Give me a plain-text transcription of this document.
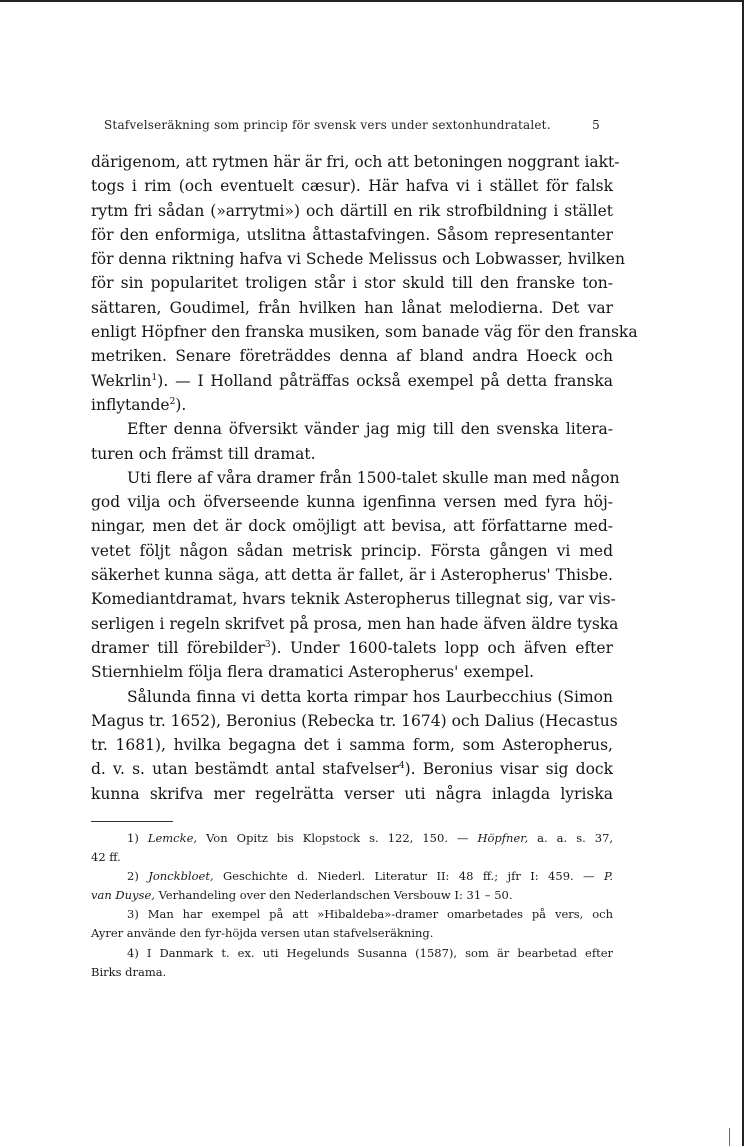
Stafvelseräkning som princip för svensk vers under sextonhundratalet.	5
därigenom, att rytmen här är fri, och att betoningen noggrant iakt-
togs i rim (och eventuelt cæsur). Här hafva vi i stället för falsk
rytm fri sådan (»arrytmi») och därtill en rik strofbildning i stället
för den enformiga, utslitna åttastafvingen. Såsom representanter
för denna riktning hafva vi Schede Melissus och Lobwasser, hvilken
för sin popularitet troligen står i stor skuld till den franske ton-
sättaren, Goudimel, från hvilken han lånat melodierna. Det var
enligt Höpfner den franska musiken, som banade väg för den franska
metriken. Senare företräddes denna af bland andra Hoeck och
Wekrlin$^1$). — I Holland påträffas också exempel på detta franska
inflytande$^2$).
Efter denna öfversikt vänder jag mig till den svenska litera-
turen och främst till dramat.
Uti flere af våra dramer från 1500-talet skulle man med någon
god vilja och öfverseende kunna igenfinna versen med fyra höj-
ningar, men det är dock omöjligt att bevisa, att författarne med-
vetet följt någon sådan metrisk princip. Första gången vi med
säkerhet kunna säga, att detta är fallet, är i Asteropherus' Thisbe.
Komediantdramat, hvars teknik Asteropherus tillegnat sig, var vis-
serligen i regeln skrifvet på prosa, men han hade äfven äldre tyska
dramer till förebilder$^3$). Under 1600-talets lopp och äfven efter
Stiernhielm följa flera dramatici Asteropherus' exempel.
Sålunda finna vi detta korta rimpar hos Laurbecchius (Simon
Magus tr. 1652), Beronius (Rebecka tr. 1674) och Dalius (Hecastus
tr. 1681), hvilka begagna det i samma form, som Asteropherus,
d. v. s. utan bestämdt antal stafvelser$^4$). Beronius visar sig dock
kunna skrifva mer regelrätta verser uti några inlagda lyriska
1) Lemcke, Von Opitz bis Klopstock s. 122, 150. — Höpfner, a. a. s. 37,
42 ff.
2) Jonckbloet, Geschichte d. Niederl. Literatur II: 48 ff.; jfr I: 459. — P.
van Duyse, Verhandeling over den Nederlandschen Versbouw I: 31 – 50.
3) Man har exempel på att »Hibaldeba»-dramer omarbetades på vers, och
Ayrer använde den fyr-höjda versen utan stafvelseräkning.
4) I Danmark t. ex. uti Hegelunds Susanna (1587), som är bearbetad efter
Birks drama.
